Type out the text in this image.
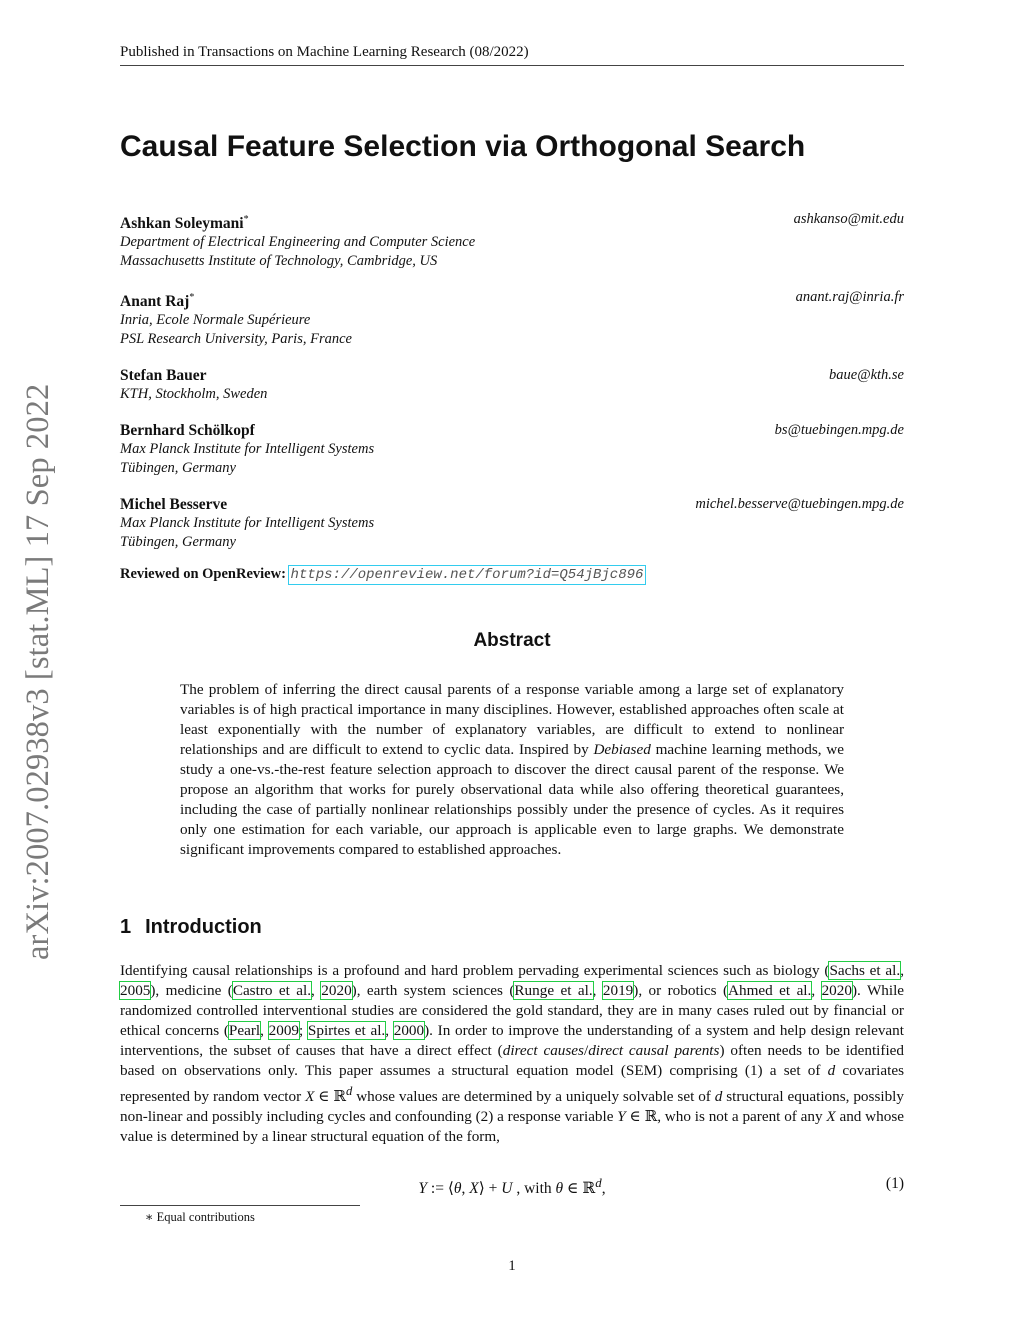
Published in Transactions on Machine Learning Research (08/2022)
arXiv:2007.02938v3 [stat.ML] 17 Sep 2022
Causal Feature Selection via Orthogonal Search
Ashkan Soleymani*
Department of Electrical Engineering and Computer Science
Massachusetts Institute of Technology, Cambridge, US
ashkanso@mit.edu
Anant Raj*
Inria, Ecole Normale Supérieure
PSL Research University, Paris, France
anant.raj@inria.fr
Stefan Bauer
KTH, Stockholm, Sweden
baue@kth.se
Bernhard Schölkopf
Max Planck Institute for Intelligent Systems
Tübingen, Germany
bs@tuebingen.mpg.de
Michel Besserve
Max Planck Institute for Intelligent Systems
Tübingen, Germany
michel.besserve@tuebingen.mpg.de
Reviewed on OpenReview: https://openreview.net/forum?id=Q54jBjc896
Abstract

The problem of inferring the direct causal parents of a response variable among a large set of explanatory variables is of high practical importance in many disciplines. However, established approaches often scale at least exponentially with the number of explanatory variables, are difficult to extend to nonlinear relationships and are difficult to extend to cyclic data. Inspired by Debiased machine learning methods, we study a one-vs.-the-rest feature selection approach to discover the direct causal parent of the response. We propose an algorithm that works for purely observational data while also offering theoretical guarantees, including the case of partially nonlinear relationships possibly under the presence of cycles. As it requires only one estimation for each variable, our approach is applicable even to large graphs. We demonstrate significant improvements compared to established approaches.

1 Introduction

Identifying causal relationships is a profound and hard problem pervading experimental sciences such as biology (Sachs et al., 2005), medicine (Castro et al., 2020), earth system sciences (Runge et al., 2019), or robotics (Ahmed et al., 2020). While randomized controlled interventional studies are considered the gold standard, they are in many cases ruled out by financial or ethical concerns (Pearl, 2009; Spirtes et al., 2000). In order to improve the understanding of a system and help design relevant interventions, the subset of causes that have a direct effect (direct causes/direct causal parents) often needs to be identified based on observations only. This paper assumes a structural equation model (SEM) comprising (1) a set of d covariates represented by random vector X ∈ ℝ$^d$ whose values are determined by a uniquely solvable set of d structural equations, possibly non-linear and possibly including cycles and confounding (2) a response variable Y ∈ ℝ, who is not a parent of any X and whose value is determined by a linear structural equation of the form,

Y := ⟨θ, X⟩ + U , with θ ∈ ℝ$^d$,	(1)
∗ Equal contributions
1
